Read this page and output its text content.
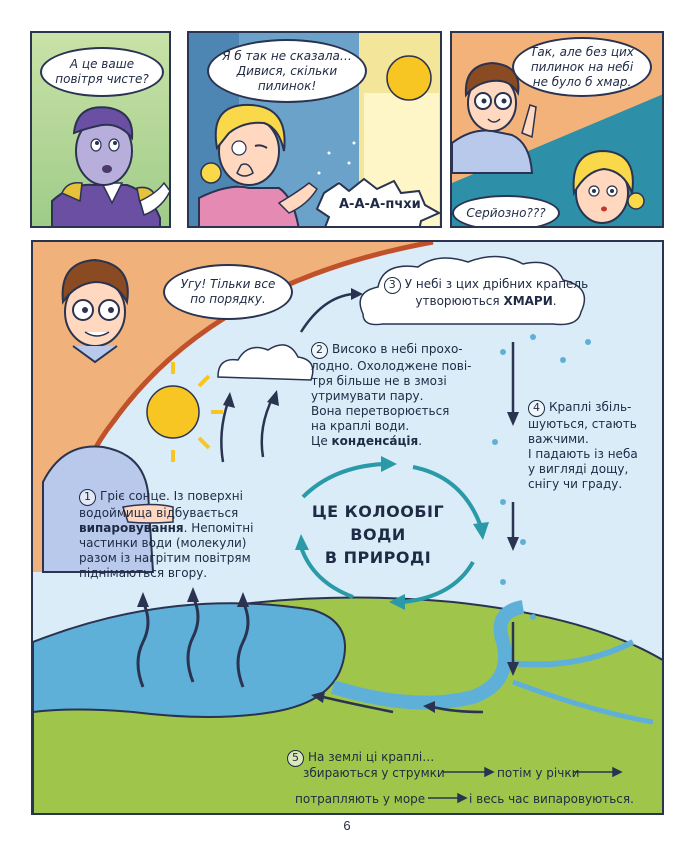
А це ваше повітря чисте?
Я б так не сказала… Дивися, скільки пилинок!
А-А-А-пчхи
Так, але без цих пилинок на небі не було б хмар.
Серйозно???
Угу! Тільки все по порядку.
1 Гріє сонце. Із поверхні
водоймища відбувається
випаровування. Непомітні
частинки води (молекули)
разом із нагрітим повітрям
піднімаються вгору.
2 Високо в небі прохо-
лодно. Охолоджене пові-
тря більше не в змозі
утримувати пару.
Вона перетворюється
на краплі води.
Це конденса́ція.
3 У небі з цих дрібних крапель
утворюються ХМАРИ.
4 Краплі збіль-
шуються, стають
важчими.
І падають із неба
у вигляді дощу,
снігу чи граду.
5 На землі ці краплі…
збираються у струмки	потім у річки
потрапляють у море	і весь час випаровуються.
ЦЕ КОЛООБІГ
ВОДИ
В ПРИРОДІ
6
